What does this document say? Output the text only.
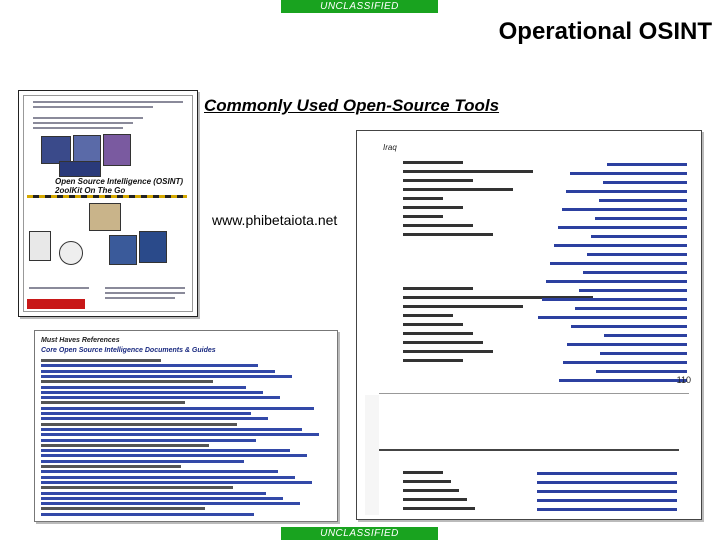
UNCLASSIFIED
Operational OSINT
Commonly Used Open-Source Tools
Open Source Intelligence (OSINT)
2oolKit On The Go
www.phibetaiota.net
Iraq
110
Must Haves References
Core Open Source Intelligence Documents & Guides
UNCLASSIFIED
